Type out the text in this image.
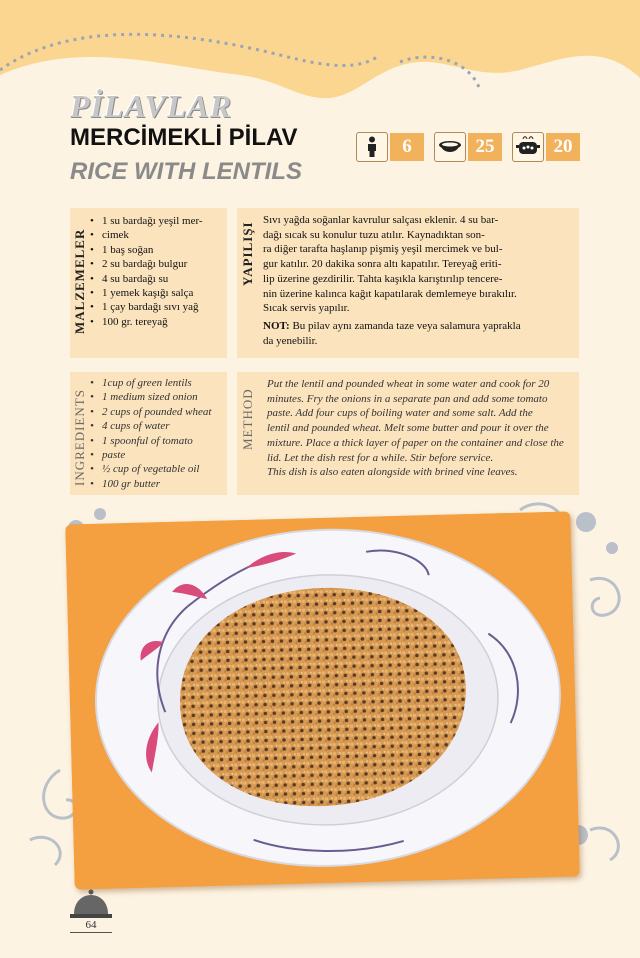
PİLAVLAR
MERCİMEKLİ PİLAV
RICE WITH LENTILS
6	25	20
MALZEMELER
• 1 su bardağı yeşil mer-
• cimek
• 1 baş soğan
• 2 su bardağı bulgur
• 4 su bardağı su
• 1 yemek kaşığı salça
• 1 çay bardağı sıvı yağ
• 100 gr. tereyağ
YAPILIŞI
Sıvı yağda soğanlar kavrulur salçası eklenir. 4 su bar-
dağı sıcak su konulur tuzu atılır. Kaynadıktan son-
ra diğer tarafta haşlanıp pişmiş yeşil mercimek ve bul-
gur katılır. 20 dakika sonra altı kapatılır. Tereyağ eriti-
lip üzerine gezdirilir. Tahta kaşıkla karıştırılıp tencere-
nin üzerine kalınca kağıt kapatılarak demlemeye bırakılır.
Sıcak servis yapılır.
NOT: Bu pilav aynı zamanda taze veya salamura yaprakla
da yenebilir.
INGREDIENTS
• 1cup of green lentils
• 1 medium sized onion
• 2 cups of pounded wheat
• 4 cups of water
• 1 spoonful of tomato
• paste
• ½ cup of vegetable oil
• 100 gr butter
METHOD
Put the lentil and pounded wheat in some water and cook for 20
minutes. Fry the onions in a separate pan and add some tomato
paste. Add four cups of boiling water and some salt. Add the
lentil and pounded wheat. Melt some butter and pour it over the
mixture. Place a thick layer of paper on the container and close the
lid. Let the dish rest for a while. Stir before service.
This dish is also eaten alongside with brined vine leaves.
64
